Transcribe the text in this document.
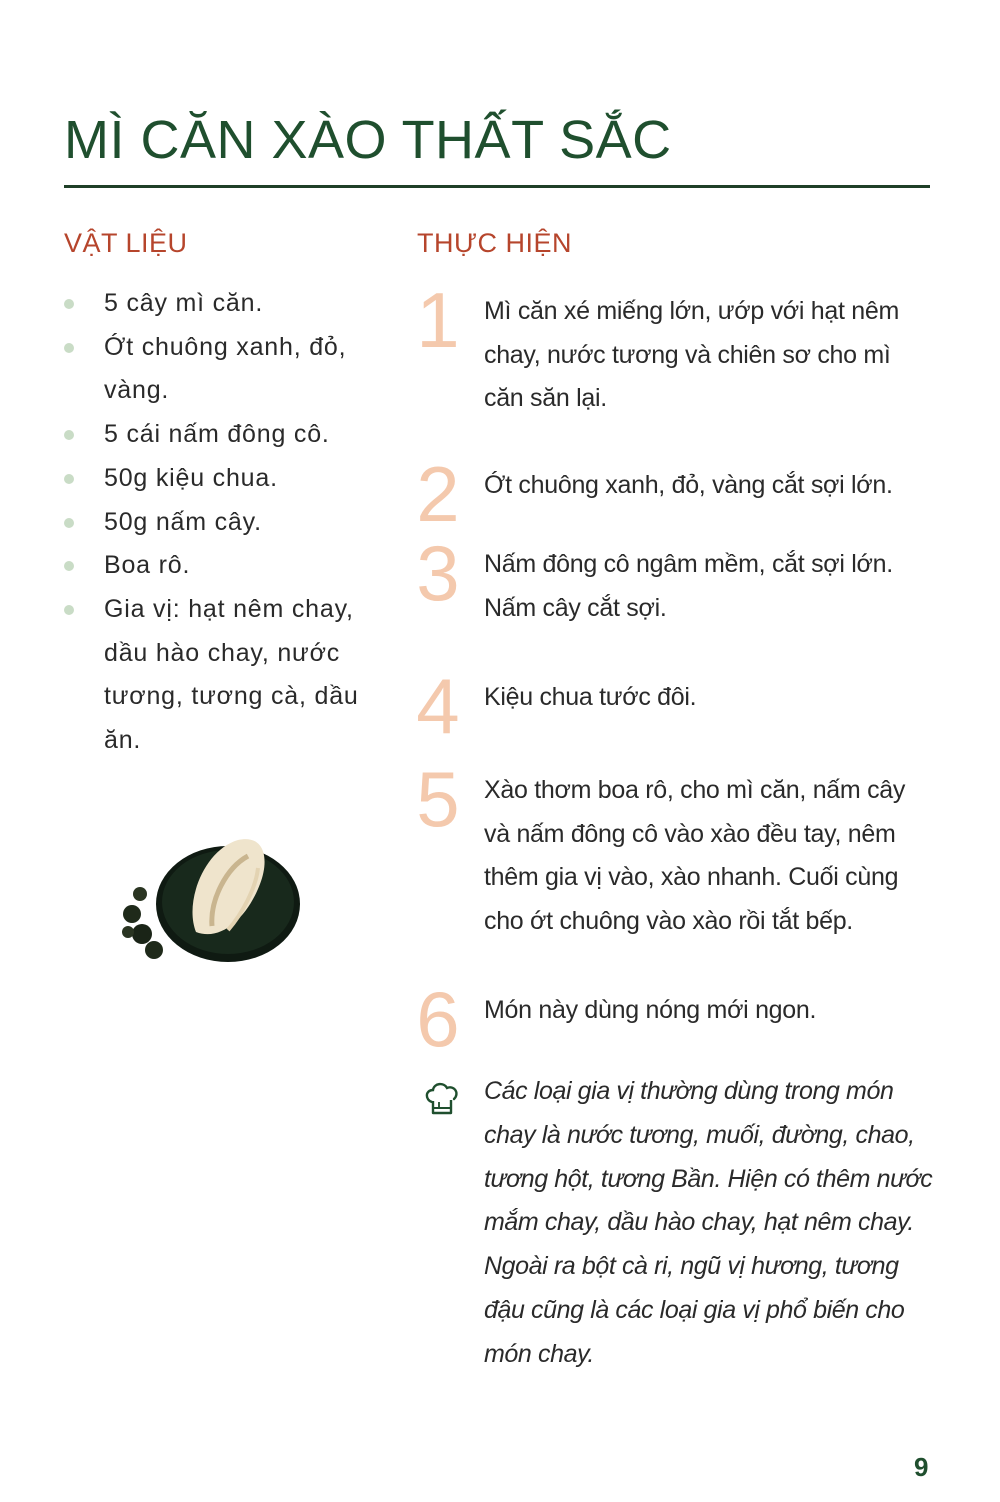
MÌ CĂN XÀO THẤT SẮC
VẬT LIỆU	THỰC HIỆN
5 cây mì căn.
Ớt chuông xanh, đỏ, vàng.
5 cái nấm đông cô.
50g kiệu chua.
50g nấm cây.
Boa rô.
Gia vị: hạt nêm chay, dầu hào chay, nước tương, tương cà, dầu ăn.
1 Mì căn xé miếng lớn, ướp với hạt nêm chay, nước tương và chiên sơ cho mì căn săn lại.
2 Ớt chuông xanh, đỏ, vàng cắt sợi lớn.
3 Nấm đông cô ngâm mềm, cắt sợi lớn. Nấm cây cắt sợi.
4 Kiệu chua tước đôi.
5 Xào thơm boa rô, cho mì căn, nấm cây và nấm đông cô vào xào đều tay, nêm thêm gia vị vào, xào nhanh. Cuối cùng cho ớt chuông vào xào rồi tắt bếp.
6 Món này dùng nóng mới ngon.
Các loại gia vị thường dùng trong món chay là nước tương, muối, đường, chao, tương hột, tương Bần. Hiện có thêm nước mắm chay, dầu hào chay, hạt nêm chay. Ngoài ra bột cà ri, ngũ vị hương, tương đậu cũng là các loại gia vị phổ biến cho món chay.
9
